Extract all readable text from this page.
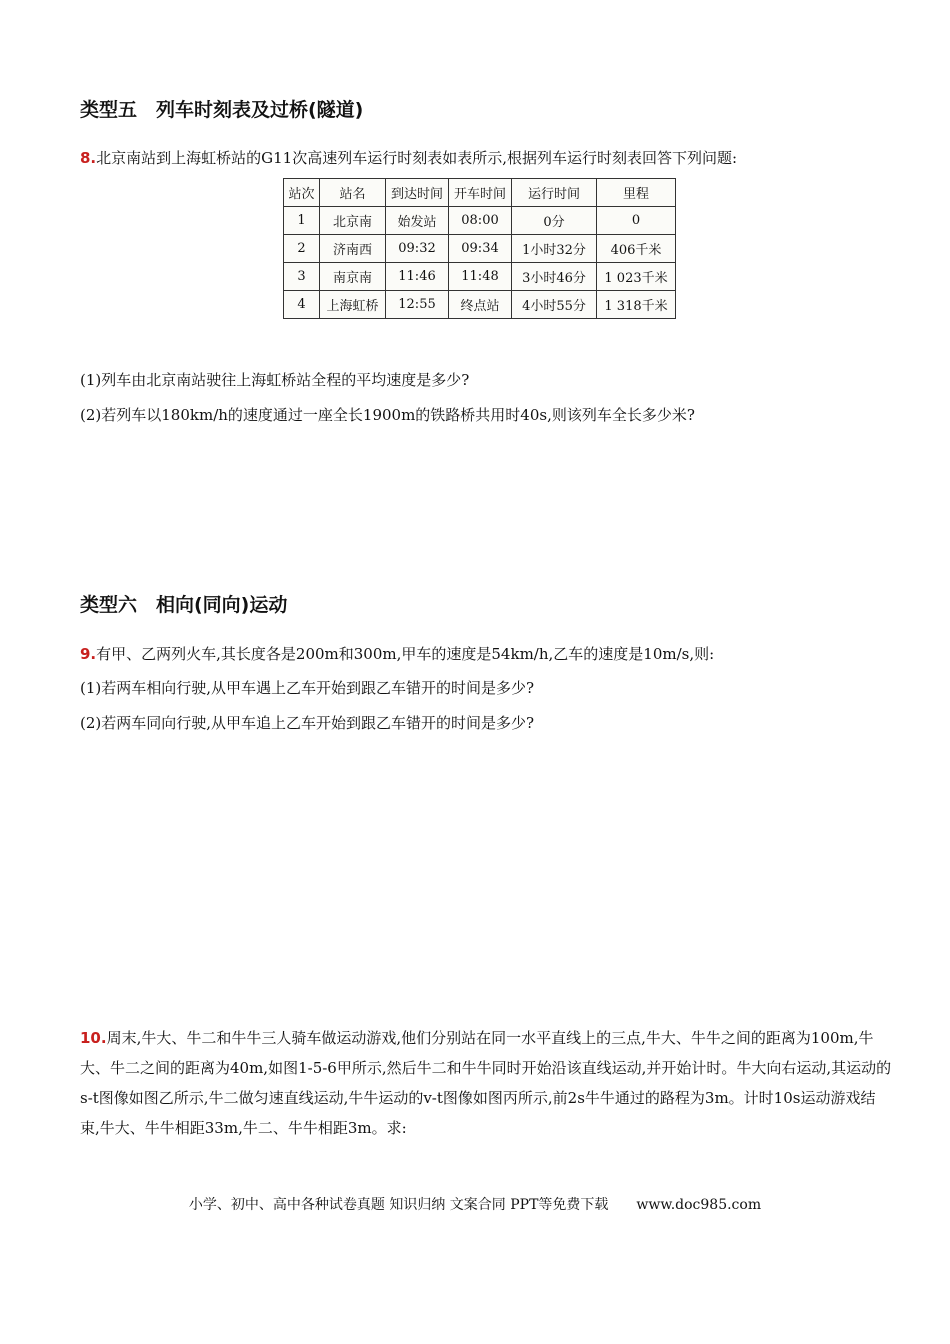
类型五　列车时刻表及过桥(隧道)
8.北京南站到上海虹桥站的G11次高速列车运行时刻表如表所示,根据列车运行时刻表回答下列问题:
站次	站名	到达时间	开车时间	运行时间	里程
1	北京南	始发站	08:00	0分	0
2	济南西	09:32	09:34	1小时32分	406千米
3	南京南	11:46	11:48	3小时46分	1 023千米
4	上海虹桥	12:55	终点站	4小时55分	1 318千米
(1)列车由北京南站驶往上海虹桥站全程的平均速度是多少?
(2)若列车以180km/h的速度通过一座全长1900m的铁路桥共用时40s,则该列车全长多少米?
类型六　相向(同向)运动
9.有甲、乙两列火车,其长度各是200m和300m,甲车的速度是54km/h,乙车的速度是10m/s,则:
(1)若两车相向行驶,从甲车遇上乙车开始到跟乙车错开的时间是多少?
(2)若两车同向行驶,从甲车追上乙车开始到跟乙车错开的时间是多少?
10.周末,牛大、牛二和牛牛三人骑车做运动游戏,他们分别站在同一水平直线上的三点,牛大、牛牛之间的距离为100m,牛大、牛二之间的距离为40m,如图1-5-6甲所示,然后牛二和牛牛同时开始沿该直线运动,并开始计时。牛大向右运动,其运动的s-t图像如图乙所示,牛二做匀速直线运动,牛牛运动的v-t图像如图丙所示,前2s牛牛通过的路程为3m。计时10s运动游戏结束,牛大、牛牛相距33m,牛二、牛牛相距3m。求:
小学、初中、高中各种试卷真题 知识归纳 文案合同 PPT等免费下载　　www.doc985.com
